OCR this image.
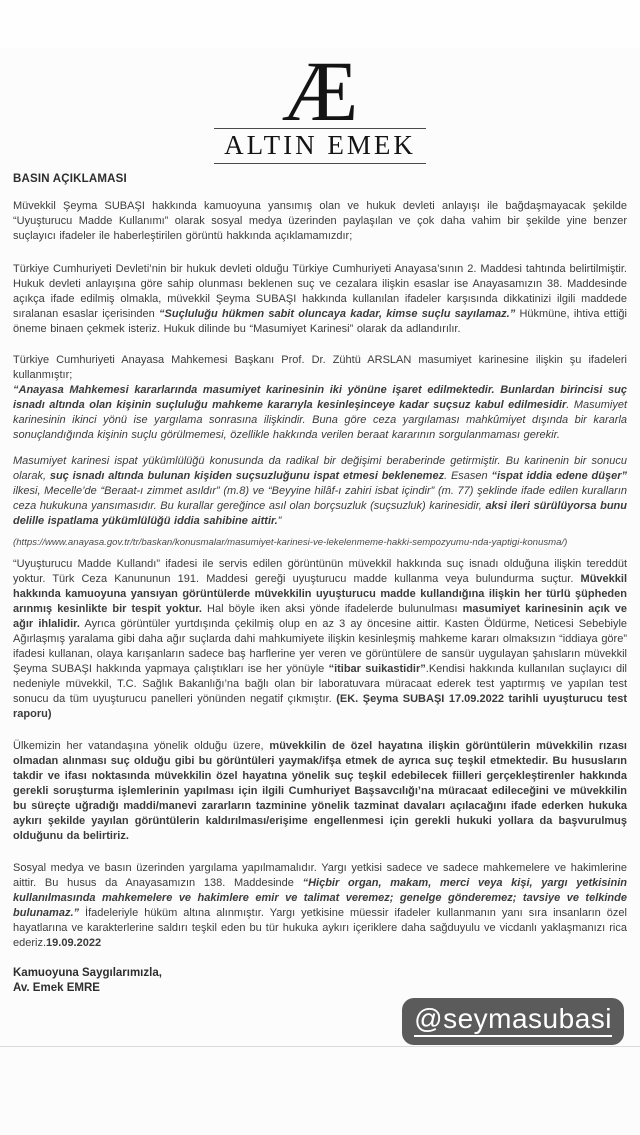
Æ
ALTIN EMEK
BASIN AÇIKLAMASI

Müvekkil Şeyma SUBAŞI hakkında kamuoyuna yansımış olan ve hukuk devleti anlayışı ile bağdaşmayacak şekilde “Uyuşturucu Madde Kullanımı” olarak sosyal medya üzerinden paylaşılan ve çok daha vahim bir şekilde yine benzer suçlayıcı ifadeler ile haberleştirilen görüntü hakkında açıklamamızdır;

Türkiye Cumhuriyeti Devleti’nin bir hukuk devleti olduğu Türkiye Cumhuriyeti Anayasa’sının 2. Maddesi tahtında belirtilmiştir. Hukuk devleti anlayışına göre sahip olunması beklenen suç ve cezalara ilişkin esaslar ise Anayasamızın 38. Maddesinde açıkça ifade edilmiş olmakla, müvekkil Şeyma SUBAŞI hakkında kullanılan ifadeler karşısında dikkatinizi ilgili maddede sıralanan esaslar içerisinden “Suçluluğu hükmen sabit oluncaya kadar, kimse suçlu sayılamaz.” Hükmüne, ihtiva ettiği öneme binaen çekmek isteriz. Hukuk dilinde bu “Masumiyet Karinesi” olarak da adlandırılır.

Türkiye Cumhuriyeti Anayasa Mahkemesi Başkanı Prof. Dr. Zühtü ARSLAN masumiyet karinesine ilişkin şu ifadeleri kullanmıştır;

“Anayasa Mahkemesi kararlarında masumiyet karinesinin iki yönüne işaret edilmektedir. Bunlardan birincisi suç isnadı altında olan kişinin suçluluğu mahkeme kararıyla kesinleşinceye kadar suçsuz kabul edilmesidir. Masumiyet karinesinin ikinci yönü ise yargılama sonrasına ilişkindir. Buna göre ceza yargılaması mahkûmiyet dışında bir kararla sonuçlandığında kişinin suçlu görülmemesi, özellikle hakkında verilen beraat kararının sorgulanmaması gerekir.

Masumiyet karinesi ispat yükümlülüğü konusunda da radikal bir değişimi beraberinde getirmiştir. Bu karinenin bir sonucu olarak, suç isnadı altında bulunan kişiden suçsuzluğunu ispat etmesi beklenemez. Esasen “ispat iddia edene düşer” ilkesi, Mecelle’de “Beraat-ı zimmet asıldır” (m.8) ve “Beyyine hilâf-ı zahiri isbat içindir” (m. 77) şeklinde ifade edilen kuralların ceza hukukuna yansımasıdır. Bu kurallar gereğince asıl olan borçsuzluk (suçsuzluk) karinesidir, aksi ileri sürülüyorsa bunu delille ispatlama yükümlülüğü iddia sahibine aittir.”

(https://www.anayasa.gov.tr/tr/baskan/konusmalar/masumiyet-karinesi-ve-lekelenmeme-hakki-sempozyumu-nda-yaptigi-konusma/)

“Uyuşturucu Madde Kullandı” ifadesi ile servis edilen görüntünün müvekkil hakkında suç isnadı olduğuna ilişkin tereddüt yoktur. Türk Ceza Kanununun 191. Maddesi gereği uyuşturucu madde kullanma veya bulundurma suçtur. Müvekkil hakkında kamuoyuna yansıyan görüntülerde müvekkilin uyuşturucu madde kullandığına ilişkin her türlü şüpheden arınmış kesinlikte bir tespit yoktur. Hal böyle iken aksi yönde ifadelerde bulunulması masumiyet karinesinin açık ve ağır ihlalidir. Ayrıca görüntüler yurtdışında çekilmiş olup en az 3 ay öncesine aittir. Kasten Öldürme, Neticesi Sebebiyle Ağırlaşmış yaralama gibi daha ağır suçlarda dahi mahkumiyete ilişkin kesinleşmiş mahkeme kararı olmaksızın “iddiaya göre” ifadesi kullanan, olaya karışanların sadece baş harflerine yer veren ve görüntülere de sansür uygulayan şahısların müvekkil Şeyma SUBAŞI hakkında yapmaya çalıştıkları ise her yönüyle “itibar suikastidir”.Kendisi hakkında kullanılan suçlayıcı dil nedeniyle müvekkil, T.C. Sağlık Bakanlığı’na bağlı olan bir laboratuvara müracaat ederek test yaptırmış ve yapılan test sonucu da tüm uyuşturucu panelleri yönünden negatif çıkmıştır. (EK. Şeyma SUBAŞI 17.09.2022 tarihli uyuşturucu test raporu)

Ülkemizin her vatandaşına yönelik olduğu üzere, müvekkilin de özel hayatına ilişkin görüntülerin müvekkilin rızası olmadan alınması suç olduğu gibi bu görüntüleri yaymak/ifşa etmek de ayrıca suç teşkil etmektedir. Bu hususların takdir ve ifası noktasında müvekkilin özel hayatına yönelik suç teşkil edebilecek fiilleri gerçekleştirenler hakkında gerekli soruşturma işlemlerinin yapılması için ilgili Cumhuriyet Başsavcılığı’na müracaat edileceğini ve müvekkilin bu süreçte uğradığı maddi/manevi zararların tazminine yönelik tazminat davaları açılacağını ifade ederken hukuka aykırı şekilde yayılan görüntülerin kaldırılması/erişime engellenmesi için gerekli hukuki yollara da başvurulmuş olduğunu da belirtiriz.

Sosyal medya ve basın üzerinden yargılama yapılmamalıdır. Yargı yetkisi sadece ve sadece mahkemelere ve hakimlerine aittir. Bu husus da Anayasamızın 138. Maddesinde “Hiçbir organ, makam, merci veya kişi, yargı yetkisinin kullanılmasında mahkemelere ve hakimlere emir ve talimat veremez; genelge gönderemez; tavsiye ve telkinde bulunamaz.” İfadeleriyle hüküm altına alınmıştır. Yargı yetkisine müessir ifadeler kullanmanın yanı sıra insanların özel hayatlarına ve karakterlerine saldırı teşkil eden bu tür hukuka aykırı içeriklere daha sağduyulu ve vicdanlı yaklaşmanızı rica ederiz.19.09.2022

Kamuoyuna Saygılarımızla,
Av. Emek EMRE
@seymasubasi
